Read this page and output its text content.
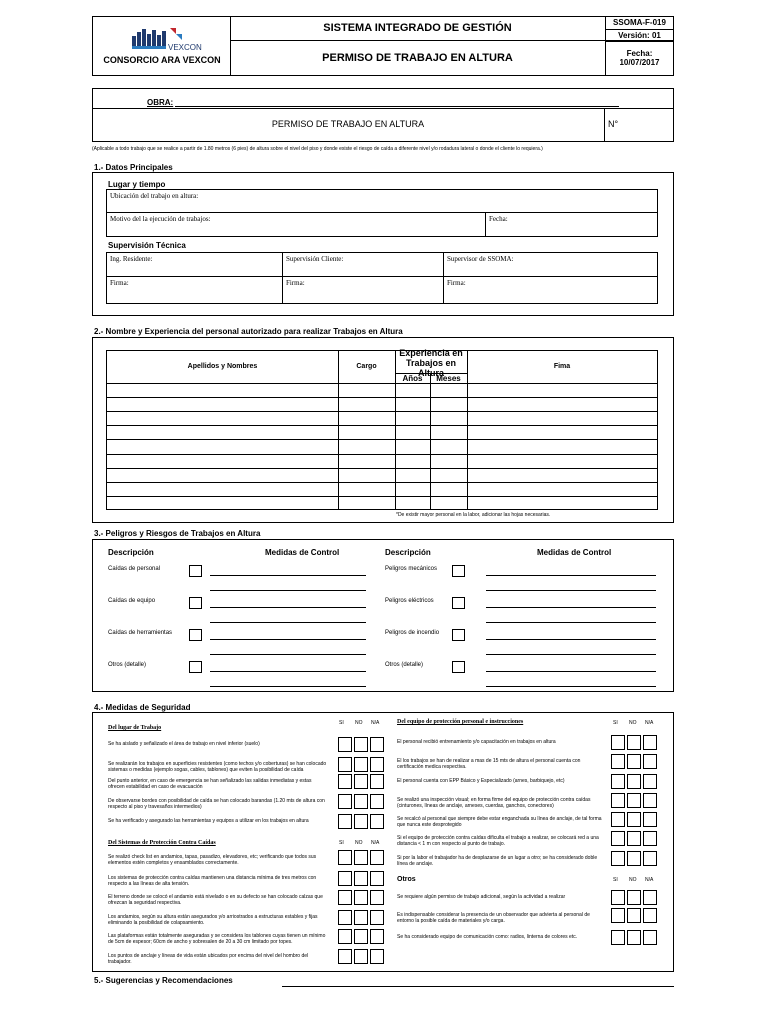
VEXCON
CONSORCIO ARA VEXCON
SISTEMA INTEGRADO DE GESTIÓN
PERMISO DE TRABAJO EN ALTURA
SSOMA-F-019
Versión: 01
Fecha:
10/07/2017
OBRA:
PERMISO DE TRABAJO EN ALTURA	N°
(Aplicable a todo trabajo que se realice a partir de 1.80 metros (6 pies) de altura sobre el nivel del piso y donde existe el riesgo de caída a diferente nivel y/o rodadura lateral o donde el cliente lo requiera.)
1.- Datos Principales
Lugar y tiempo
Ubicación del trabajo en altura:
Motivo del la ejecución de trabajos:	Fecha:
Supervisión Técnica
Ing. Residente:	Supervisión Cliente:	Supervisor de SSOMA:
Firma:	Firma:	Firma:
2.- Nombre y Experiencia del personal autorizado para realizar Trabajos en Altura
Apellidos y Nombres	Cargo
Experiencia en Trabajos en Altura
Años	Meses
Fima
*De existir mayor personal en la labor, adicionar las hojas necesarias.
3.- Peligros y Riesgos de Trabajos en Altura
Descripción	Medidas de Control	Descripción	Medidas de Control
Caídas de personal
Caídas de equipo
Caídas de herramientas
Otros (detalle)
Peligros mecánicos
Peligros eléctricos
Peligros de incendio
Otros (detalle)
4.- Medidas de Seguridad
Del lugar de Trabajo
SI NO N/A
Se ha aislado y señalizado el área de trabajo en nivel inferior (suelo)
Se realizarán los trabajos en superficies resistentes (como techos y/o coberturas) se han colocado sistemas o medidas (ejemplo sogas, cables, tablones) que eviten la posibilidad de caída
Del punto anterior, en caso de emergencia se han señalizado las salidas inmediatas y estas ofrecen estabilidad en caso de evacuación
De observarse bordes con posibilidad de caída se han colocado barandas (1.20 mts de altura con respecto al piso y travesaños intermedios)
Se ha verificado y asegurado las herramientas y equipos a utilizar en los trabajos en altura
Del Sistemas de Protección Contra Caídas	SI NO N/A
Se realizó check list en andamios, tapas, pasadizo, elevadores, etc; verificando que todos sus elementos estén completos y ensamblados correctamente.
Los sistemas de protección contra caídas mantienen una distancia mínima de tres metros con respecto a las líneas de alta tensión.
El terreno donde se colocó el andamio está nivelado o en su defecto se han colocado calzas que ofrezcan la seguridad respectiva.
Los andamios, según su altura están asegurados y/o arriostrados a estructuras estables y fijas eliminando la posibilidad de colapsamiento.
Las plataformas están totalmente aseguradas y se considera los tablones cuyas tienen un mínimo de 5cm de espesor; 60cm de ancho y sobresalen de 20 a 30 cm limitado por topes.
Los puntos de anclaje y líneas de vida están ubicados por encima del nivel del hombro del trabajador.
Del equipo de protección personal e instrucciones	SI NO N/A
El personal recibió entrenamiento y/o capacitación en trabajos en altura
El los trabajos se han de realizar a mas de 15 mts de altura el personal cuenta con certificación medica respectiva.
El personal cuenta con EPP Básico y Especializado (arnes, barbiquejo, etc)
Se realizó una inspección visual; en forma firme del equipo de protección contra caídas (cinturones, líneas de anclaje, arneses, cuerdas, ganchos, conectores)
Se recalcó al personal que siempre debe estar enganchada su línea de anclaje, de tal forma que nunca este desprotegido
Si el equipo de protección contra caídas dificulta el trabajo a realizar, se colocará red a una distancia < 1 m con respecto al punto de trabajo.
Si por la labor el trabajador ha de desplazarse de un lugar a otro; se ha considerado doble línea de anclaje.
Otros	SI NO N/A
Se requiere algún permiso de trabajo adicional, según la actividad a realizar
Es indispensable considerar la presencia de un observador que advierta al personal de entorno la posible caída de materiales y/o carga.
Se ha considerado equipo de comunicación como: radios, linterna de colores etc.
5.- Sugerencias y Recomendaciones
